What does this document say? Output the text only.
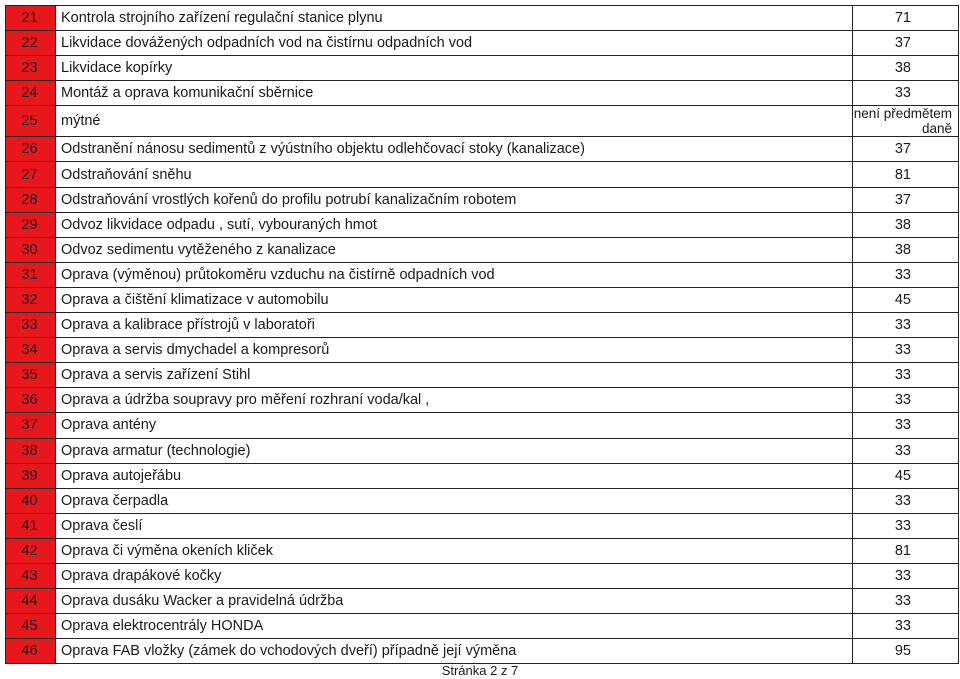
21	Kontrola strojního zařízení regulační stanice plynu	71
22	Likvidace dovážených odpadních vod na čistírnu odpadních vod	37
23	Likvidace kopírky	38
24	Montáž a oprava komunikační sběrnice	33
25	mýtné	není předmětem
daně

26	Odstranění nánosu sedimentů z výústního objektu odlehčovací stoky (kanalizace)	37
27	Odstraňování sněhu	81
28	Odstraňování vrostlých kořenů do profilu potrubí kanalizačním robotem	37
29	Odvoz likvidace odpadu , sutí, vybouraných hmot	38
30	Odvoz sedimentu vytěženého z kanalizace	38
31	Oprava (výměnou) průtokoměru vzduchu na čistírně odpadních vod	33
32	Oprava a čištění klimatizace v automobilu	45
33	Oprava a kalibrace přístrojů v laboratoři	33
34	Oprava a servis dmychadel a kompresorů	33
35	Oprava a servis zařízení Stihl	33
36	Oprava a údržba soupravy pro měření rozhraní voda/kal ,	33
37	Oprava antény	33
38	Oprava armatur (technologie)	33
39	Oprava autojeřábu	45
40	Oprava čerpadla	33
41	Oprava česlí	33
42	Oprava či výměna okeních kliček	81
43	Oprava drapákové kočky	33
44	Oprava dusáku Wacker a pravidelná údržba	33
45	Oprava elektrocentrály HONDA	33
46	Oprava FAB vložky (zámek do vchodových dveří) případně její výměna	95
Stránka 2 z 7
